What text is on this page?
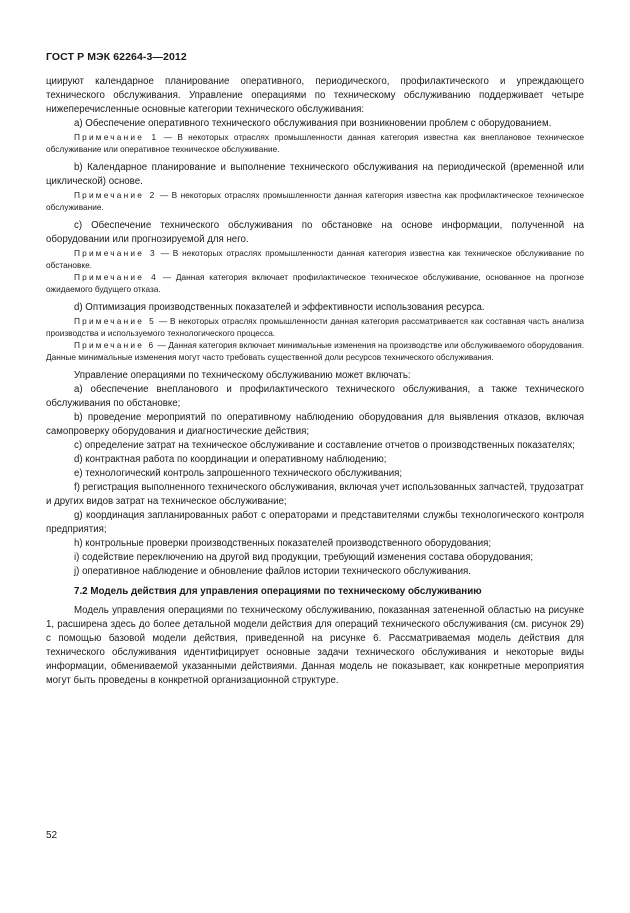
ГОСТ Р МЭК 62264-3—2012

циируют календарное планирование оперативного, периодического, профилактического и упреждающего технического обслуживания. Управление операциями по техническому обслуживанию поддерживает четыре нижеперечисленные основные категории технического обслуживания:

а) Обеспечение оперативного технического обслуживания при возникновении проблем с оборудованием.

Примечание 1 — В некоторых отраслях промышленности данная категория известна как внеплановое техническое обслуживание или оперативное техническое обслуживание.

b) Календарное планирование и выполнение технического обслуживания на периодической (временной или циклической) основе.

Примечание 2 — В некоторых отраслях промышленности данная категория известна как профилактическое техническое обслуживание.

с) Обеспечение технического обслуживания по обстановке на основе информации, полученной на оборудовании или прогнозируемой для него.

Примечание 3 — В некоторых отраслях промышленности данная категория известна как техническое обслуживание по обстановке.

Примечание 4 — Данная категория включает профилактическое техническое обслуживание, основанное на прогнозе ожидаемого будущего отказа.

d) Оптимизация производственных показателей и эффективности использования ресурса.

Примечание 5 — В некоторых отраслях промышленности данная категория рассматривается как составная часть анализа производства и используемого технологического процесса.

Примечание 6 — Данная категория включает минимальные изменения на производстве или обслуживаемого оборудования. Данные минимальные изменения могут часто требовать существенной доли ресурсов технического обслуживания.

Управление операциями по техническому обслуживанию может включать:

а) обеспечение внепланового и профилактического технического обслуживания, а также технического обслуживания по обстановке;

b) проведение мероприятий по оперативному наблюдению оборудования для выявления отказов, включая самопроверку оборудования и диагностические действия;

с) определение затрат на техническое обслуживание и составление отчетов о производственных показателях;

d) контрактная работа по координации и оперативному наблюдению;

е) технологический контроль запрошенного технического обслуживания;

f) регистрация выполненного технического обслуживания, включая учет использованных запчастей, трудозатрат и других видов затрат на техническое обслуживание;

g) координация запланированных работ с операторами и представителями службы технологического контроля предприятия;

h) контрольные проверки производственных показателей производственного оборудования;

i) содействие переключению на другой вид продукции, требующий изменения состава оборудования;

j) оперативное наблюдение и обновление файлов истории технического обслуживания.

7.2 Модель действия для управления операциями по техническому обслуживанию

Модель управления операциями по техническому обслуживанию, показанная затененной областью на рисунке 1, расширена здесь до более детальной модели действия для операций технического обслуживания (см. рисунок 29) с помощью базовой модели действия, приведенной на рисунке 6. Рассматриваемая модель действия для технического обслуживания идентифицирует основные задачи технического обслуживания и некоторые виды информации, обмениваемой указанными действиями. Данная модель не показывает, как конкретные мероприятия могут быть проведены в конкретной организационной структуре.

52
